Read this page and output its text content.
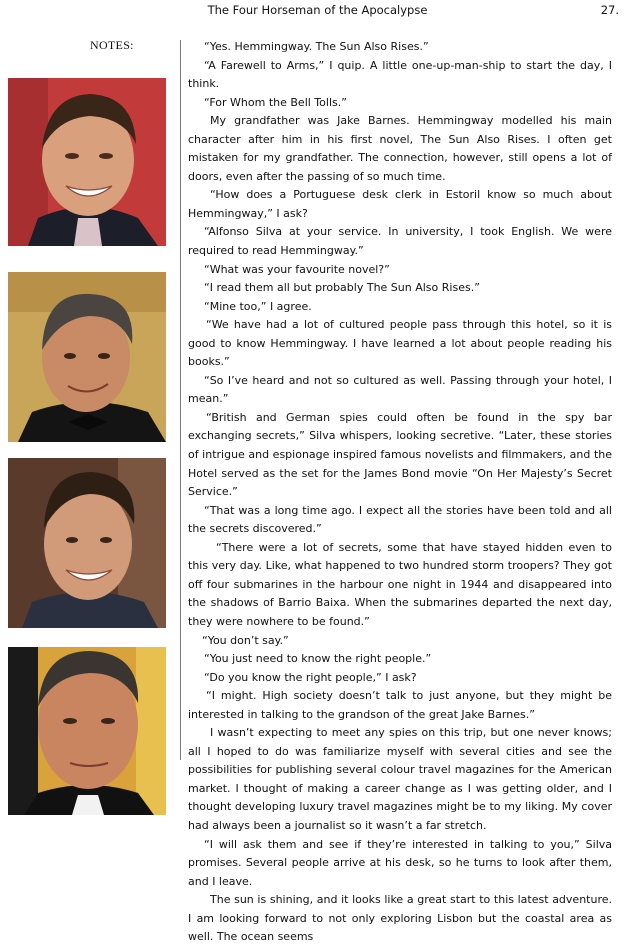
The Four Horseman of the Apocalypse	27.
NOTES:	“Yes. Hemmingway. The Sun Also Rises.”

“A Farewell to Arms,” I quip. A little one-up-man-ship to start the day, I think.

“For Whom the Bell Tolls.”

My grandfather was Jake Barnes. Hemmingway modelled his main character after him in his first novel, The Sun Also Rises. I often get mistaken for my grandfather. The connection, however, still opens a lot of doors, even after the passing of so much time.

“How does a Portuguese desk clerk in Estoril know so much about Hemmingway,” I ask?

“Alfonso Silva at your service. In university, I took English. We were required to read Hemmingway.”

“What was your favourite novel?”

“I read them all but probably The Sun Also Rises.”

“Mine too,” I agree.

“We have had a lot of cultured people pass through this hotel, so it is good to know Hemmingway. I have learned a lot about people reading his books.”

“So I’ve heard and not so cultured as well. Passing through your hotel, I mean.”

“British and German spies could often be found in the spy bar exchanging secrets,” Silva whispers, looking secretive. “Later, these stories of intrigue and espionage inspired famous novelists and filmmakers, and the Hotel served as the set for the James Bond movie “On Her Majesty’s Secret Service.”

“That was a long time ago. I expect all the stories have been told and all the secrets discovered.”

“There were a lot of secrets, some that have stayed hidden even to this very day. Like, what happened to two hundred storm troopers? They got off four submarines in the harbour one night in 1944 and disappeared into the shadows of Barrio Baixa. When the submarines departed the next day, they were nowhere to be found.”

“You don’t say.”

“You just need to know the right people.”

“Do you know the right people,” I ask?

“I might. High society doesn’t talk to just anyone, but they might be interested in talking to the grandson of the great Jake Barnes.”

I wasn’t expecting to meet any spies on this trip, but one never knows; all I hoped to do was familiarize myself with several cities and see the possibilities for publishing several colour travel magazines for the American market. I thought of making a career change as I was getting older, and I thought developing luxury travel magazines might be to my liking. My cover had always been a journalist so it wasn’t a far stretch.

“I will ask them and see if they’re interested in talking to you,” Silva promises. Several people arrive at his desk, so he turns to look after them, and I leave.

The sun is shining, and it looks like a great start to this latest adventure. I am looking forward to not only exploring Lisbon but the coastal area as well. The ocean seems
